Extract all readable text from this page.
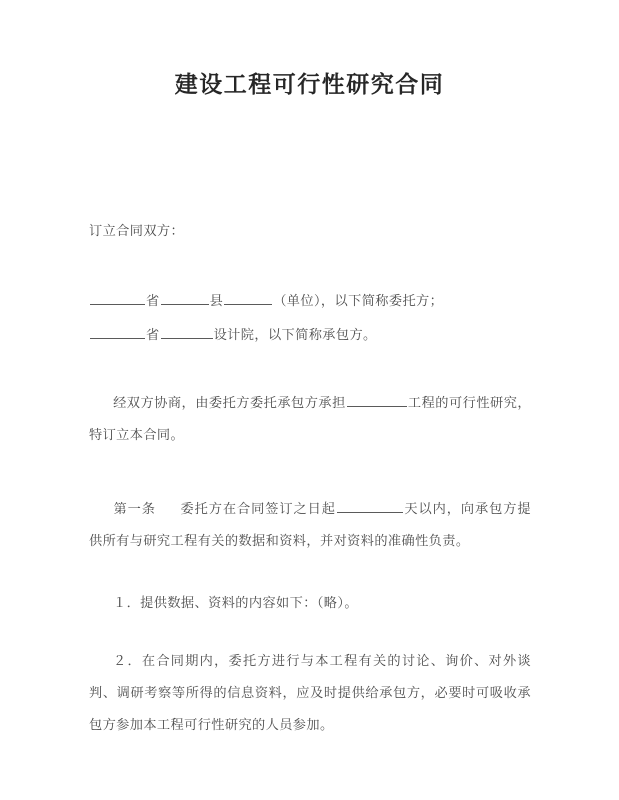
建设工程可行性研究合同

订立合同双方：

省	县	（单位），以下简称委托方；

省	设计院，以下简称承包方。

经双方协商，由委托方委托承包方承担	工程的可行性研究，特订立本合同。

第一条 委托方在合同签订之日起	天以内，向承包方提供所有与研究工程有关的数据和资料，并对资料的准确性负责。

１．提供数据、资料的内容如下：（略）。

２．在合同期内，委托方进行与本工程有关的讨论、询价、对外谈判、调研考察等所得的信息资料，应及时提供给承包方，必要时可吸收承包方参加本工程可行性研究的人员参加。
